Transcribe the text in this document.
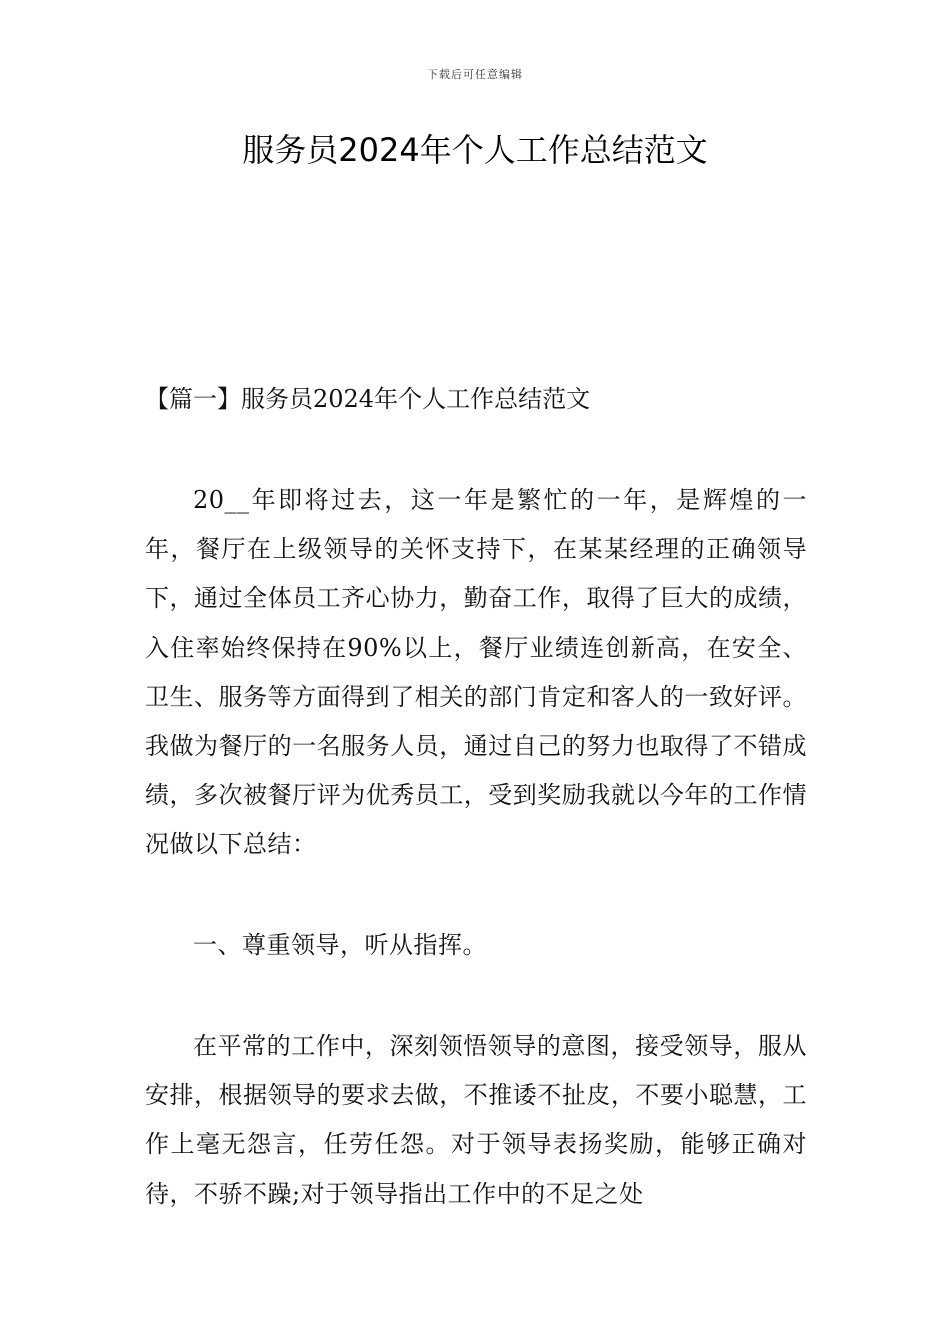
下载后可任意编辑
服务员2024年个人工作总结范文

【篇一】服务员2024年个人工作总结范文

20__年即将过去，这一年是繁忙的一年，是辉煌的一年，餐厅在上级领导的关怀支持下，在某某经理的正确领导下，通过全体员工齐心协力，勤奋工作，取得了巨大的成绩，入住率始终保持在90%以上，餐厅业绩连创新高，在安全、卫生、服务等方面得到了相关的部门肯定和客人的一致好评。我做为餐厅的一名服务人员，通过自己的努力也取得了不错成绩，多次被餐厅评为优秀员工，受到奖励我就以今年的工作情况做以下总结：

一、尊重领导，听从指挥。

在平常的工作中，深刻领悟领导的意图，接受领导，服从安排，根据领导的要求去做，不推诿不扯皮，不要小聪慧，工作上毫无怨言，任劳任怨。对于领导表扬奖励，能够正确对待，不骄不躁;对于领导指出工作中的不足之处
